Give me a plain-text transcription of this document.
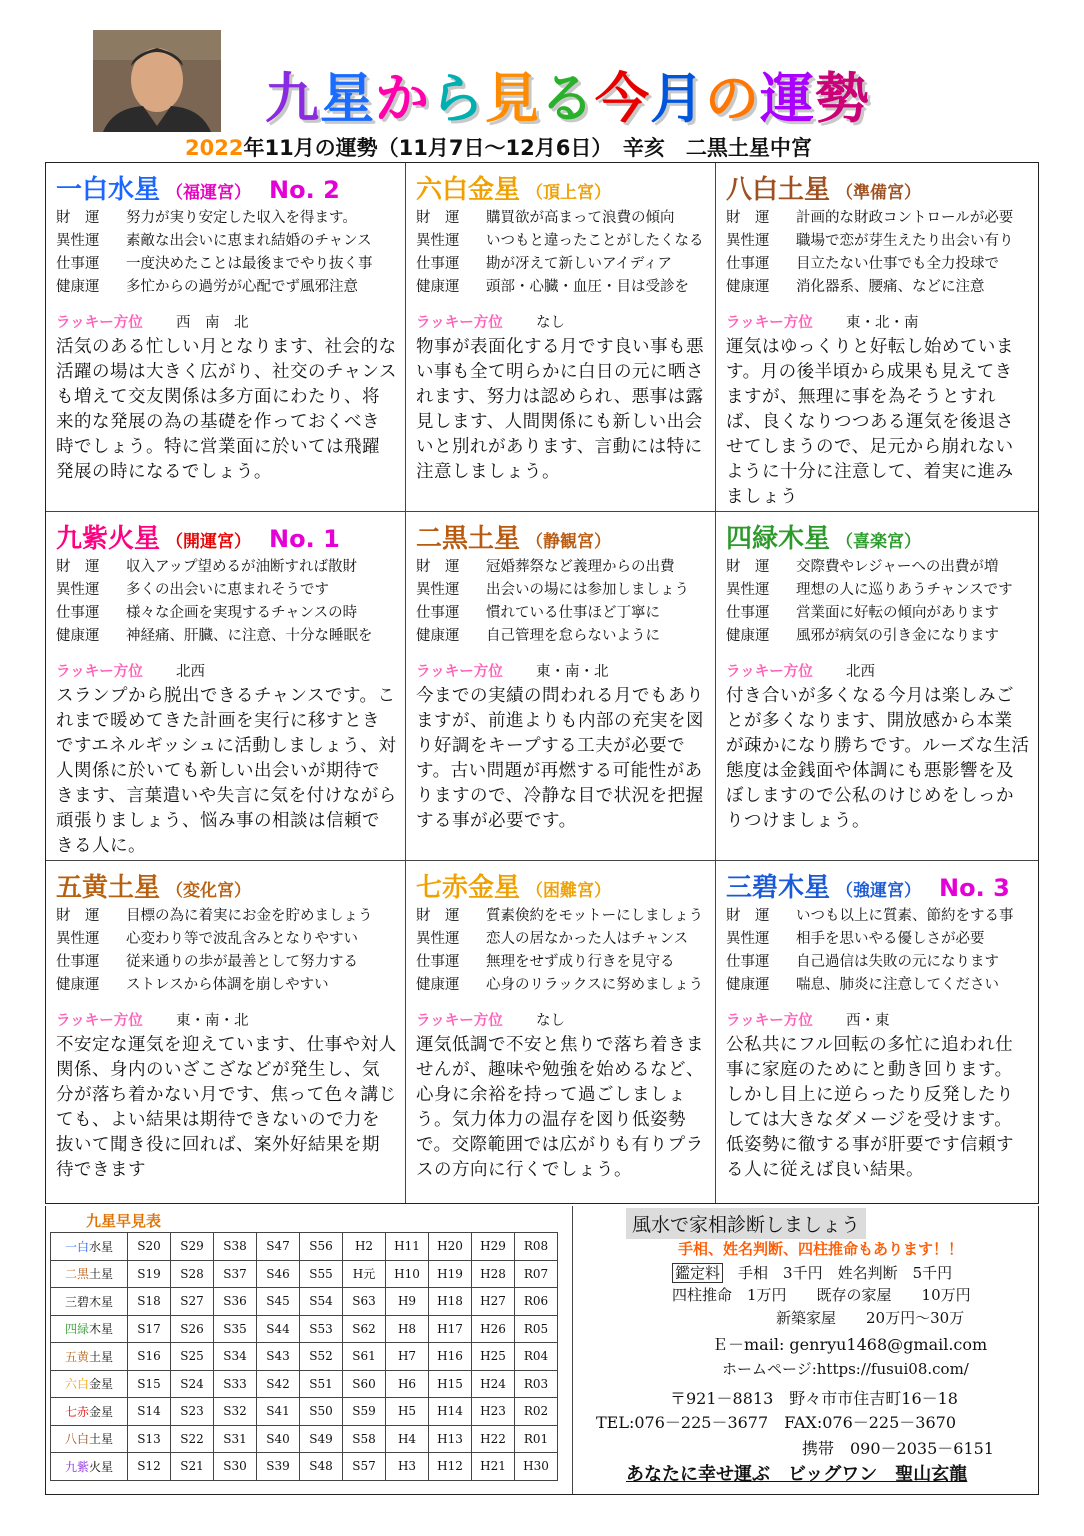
九星から見る今月の運勢
2022年11月の運勢（11月7日～12月6日）　辛亥　二黒土星中宮
一白水星 （福運宮） No. 2
財　運	努力が実り安定した収入を得ます。
異性運	素敵な出会いに恵まれ結婚のチャンス
仕事運	一度決めたことは最後までやり抜く事
健康運	多忙からの過労が心配でず風邪注意
ラッキー方位 西　南　北
活気のある忙しい月となります、社会的な活躍の場は大きく広がり、社交のチャンスも増えて交友関係は多方面にわたり、将来的な発展の為の基礎を作っておくべき時でしょう。特に営業面に於いては飛躍発展の時になるでしょう。
六白金星 （頂上宮）
財　運	購買欲が高まって浪費の傾向
異性運	いつもと違ったことがしたくなる
仕事運	勘が冴えて新しいアイディア
健康運	頭部・心臓・血圧・目は受診を
ラッキー方位 なし
物事が表面化する月です良い事も悪い事も全て明らかに白日の元に晒されます、努力は認められ、悪事は露見します、人間関係にも新しい出会いと別れがあります、言動には特に注意しましょう。
八白土星 （準備宮）
財　運	計画的な財政コントロールが必要
異性運	職場で恋が芽生えたり出会い有り
仕事運	目立たない仕事でも全力投球で
健康運	消化器系、腰痛、などに注意
ラッキー方位 東・北・南
運気はゆっくりと好転し始めています。月の後半頃から成果も見えてきますが、無理に事を為そうとすれば、良くなりつつある運気を後退させてしまうので、足元から崩れないように十分に注意して、着実に進みましょう
九紫火星 （開運宮） No. 1
財　運	収入アップ望めるが油断すれば散財
異性運	多くの出会いに恵まれそうです
仕事運	様々な企画を実現するチャンスの時
健康運	神経痛、肝臓、に注意、十分な睡眠を
ラッキー方位 北西
スランプから脱出できるチャンスです。これまで暖めてきた計画を実行に移すときですエネルギッシュに活動しましょう、対人関係に於いても新しい出会いが期待できます、言葉遣いや失言に気を付けながら頑張りましょう、悩み事の相談は信頼できる人に。
二黒土星 （静観宮）
財　運	冠婚葬祭など義理からの出費
異性運	出会いの場には参加しましょう
仕事運	慣れている仕事ほど丁寧に
健康運	自己管理を怠らないように
ラッキー方位 東・南・北
今までの実績の問われる月でもありますが、前進よりも内部の充実を図り好調をキープする工夫が必要です。古い問題が再燃する可能性がありますので、冷静な目で状況を把握する事が必要です。
四緑木星 （喜楽宮）
財　運	交際費やレジャーへの出費が増
異性運	理想の人に巡りあうチャンスです
仕事運	営業面に好転の傾向があります
健康運	風邪が病気の引き金になります
ラッキー方位 北西
付き合いが多くなる今月は楽しみごとが多くなります、開放感から本業が疎かになり勝ちです。ルーズな生活態度は金銭面や体調にも悪影響を及ぼしますので公私のけじめをしっかりつけましょう。
五黄土星 （変化宮）
財　運	目標の為に着実にお金を貯めましょう
異性運	心変わり等で波乱含みとなりやすい
仕事運	従来通りの歩が最善として努力する
健康運	ストレスから体調を崩しやすい
ラッキー方位 東・南・北
不安定な運気を迎えています、仕事や対人関係、身内のいざこざなどが発生し、気分が落ち着かない月です、焦って色々講じても、よい結果は期待できないので力を抜いて聞き役に回れば、案外好結果を期待できます
七赤金星 （困難宮）
財　運	質素倹約をモットーにしましょう
異性運	恋人の居なかった人はチャンス
仕事運	無理をせず成り行きを見守る
健康運	心身のリラックスに努めましょう
ラッキー方位 なし
運気低調で不安と焦りで落ち着きませんが、趣味や勉強を始めるなど、心身に余裕を持って過ごしましょう。気力体力の温存を図り低姿勢で。交際範囲では広がりも有りプラスの方向に行くでしょう。
三碧木星 （強運宮） No. 3
財　運	いつも以上に質素、節約をする事
異性運	相手を思いやる優しさが必要
仕事運	自己過信は失敗の元になります
健康運	喘息、肺炎に注意してください
ラッキー方位 西・東
公私共にフル回転の多忙に追われ仕事に家庭のためにと動き回ります。しかし目上に逆らったり反発したりしては大きなダメージを受けます。低姿勢に徹する事が肝要です信頼する人に従えば良い結果。
九星早見表
一白水星	S20	S29	S38	S47	S56	H2	H11	H20	H29	R08
二黒土星	S19	S28	S37	S46	S55	H元	H10	H19	H28	R07
三碧木星	S18	S27	S36	S45	S54	S63	H9	H18	H27	R06
四緑木星	S17	S26	S35	S44	S53	S62	H8	H17	H26	R05
五黄土星	S16	S25	S34	S43	S52	S61	H7	H16	H25	R04
六白金星	S15	S24	S33	S42	S51	S60	H6	H15	H24	R03
七赤金星	S14	S23	S32	S41	S50	S59	H5	H14	H23	R02
八白土星	S13	S22	S31	S40	S49	S58	H4	H13	H22	R01
九紫火星	S12	S21	S30	S39	S48	S57	H3	H12	H21	H30
風水で家相診断しましょう
手相、姓名判断、四柱推命もあります！！
鑑定料　 手相　3千円　姓名判断　5千円
四柱推命　1万円　　既存の家屋　　10万円
新築家屋　　20万円～30万
Ｅ－mail: genryu1468@gmail.com
ホームページ:https://fusui08.com/
〒921－8813　野々市市住吉町16－18
TEL:076－225－3677　FAX:076－225－3670
携帯　090－2035－6151
あなたに幸せ運ぶ　ビッグワン　聖山玄龍
